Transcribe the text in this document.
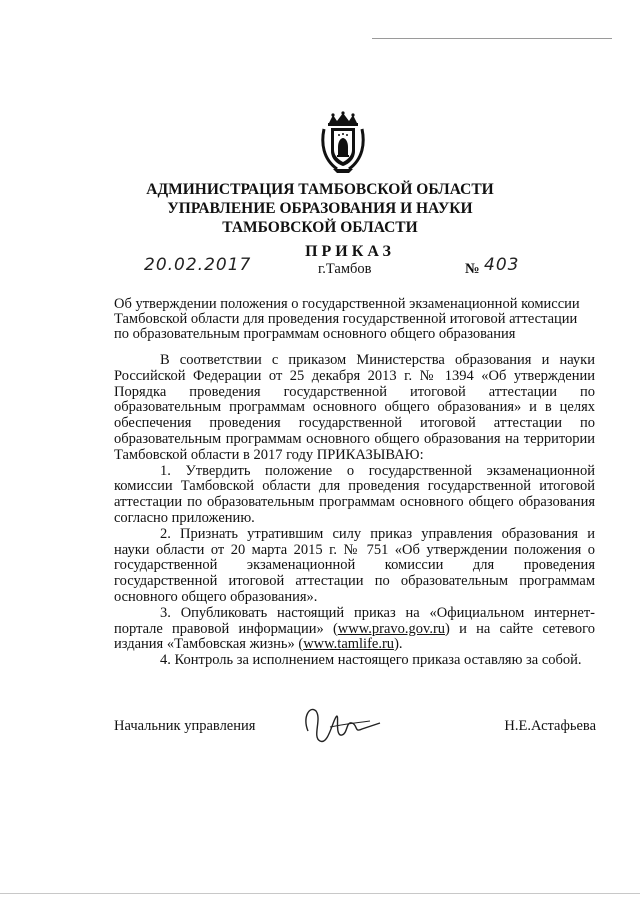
АДМИНИСТРАЦИЯ ТАМБОВСКОЙ ОБЛАСТИ
УПРАВЛЕНИЕ ОБРАЗОВАНИЯ И НАУКИ
ТАМБОВСКОЙ ОБЛАСТИ
ПРИКАЗ
20.02.2017	г.Тамбов	№ 403
Об утверждении положения о государственной экзаменационной комиссии
Тамбовской области для проведения государственной итоговой аттестации
по образовательным программам основного общего образования

В соответствии с приказом Министерства образования и науки Российской Федерации от 25 декабря 2013 г. № 1394 «Об утверждении Порядка проведения государственной итоговой аттестации по образовательным программам основного общего образования» и в целях обеспечения проведения государственной итоговой аттестации по образовательным программам основного общего образования на территории Тамбовской области в 2017 году ПРИКАЗЫВАЮ:

1. Утвердить положение о государственной экзаменационной комиссии Тамбовской области для проведения государственной итоговой аттестации по образовательным программам основного общего образования согласно приложению.

2. Признать утратившим силу приказ управления образования и науки области от 20 марта 2015 г. № 751 «Об утверждении положения о государственной экзаменационной комиссии для проведения государственной итоговой аттестации по образовательным программам основного общего образования».

3. Опубликовать настоящий приказ на «Официальном интернет-портале правовой информации» (www.pravo.gov.ru) и на сайте сетевого издания «Тамбовская жизнь» (www.tamlife.ru).

4. Контроль за исполнением настоящего приказа оставляю за собой.

Начальник управления	Н.Е.Астафьева
